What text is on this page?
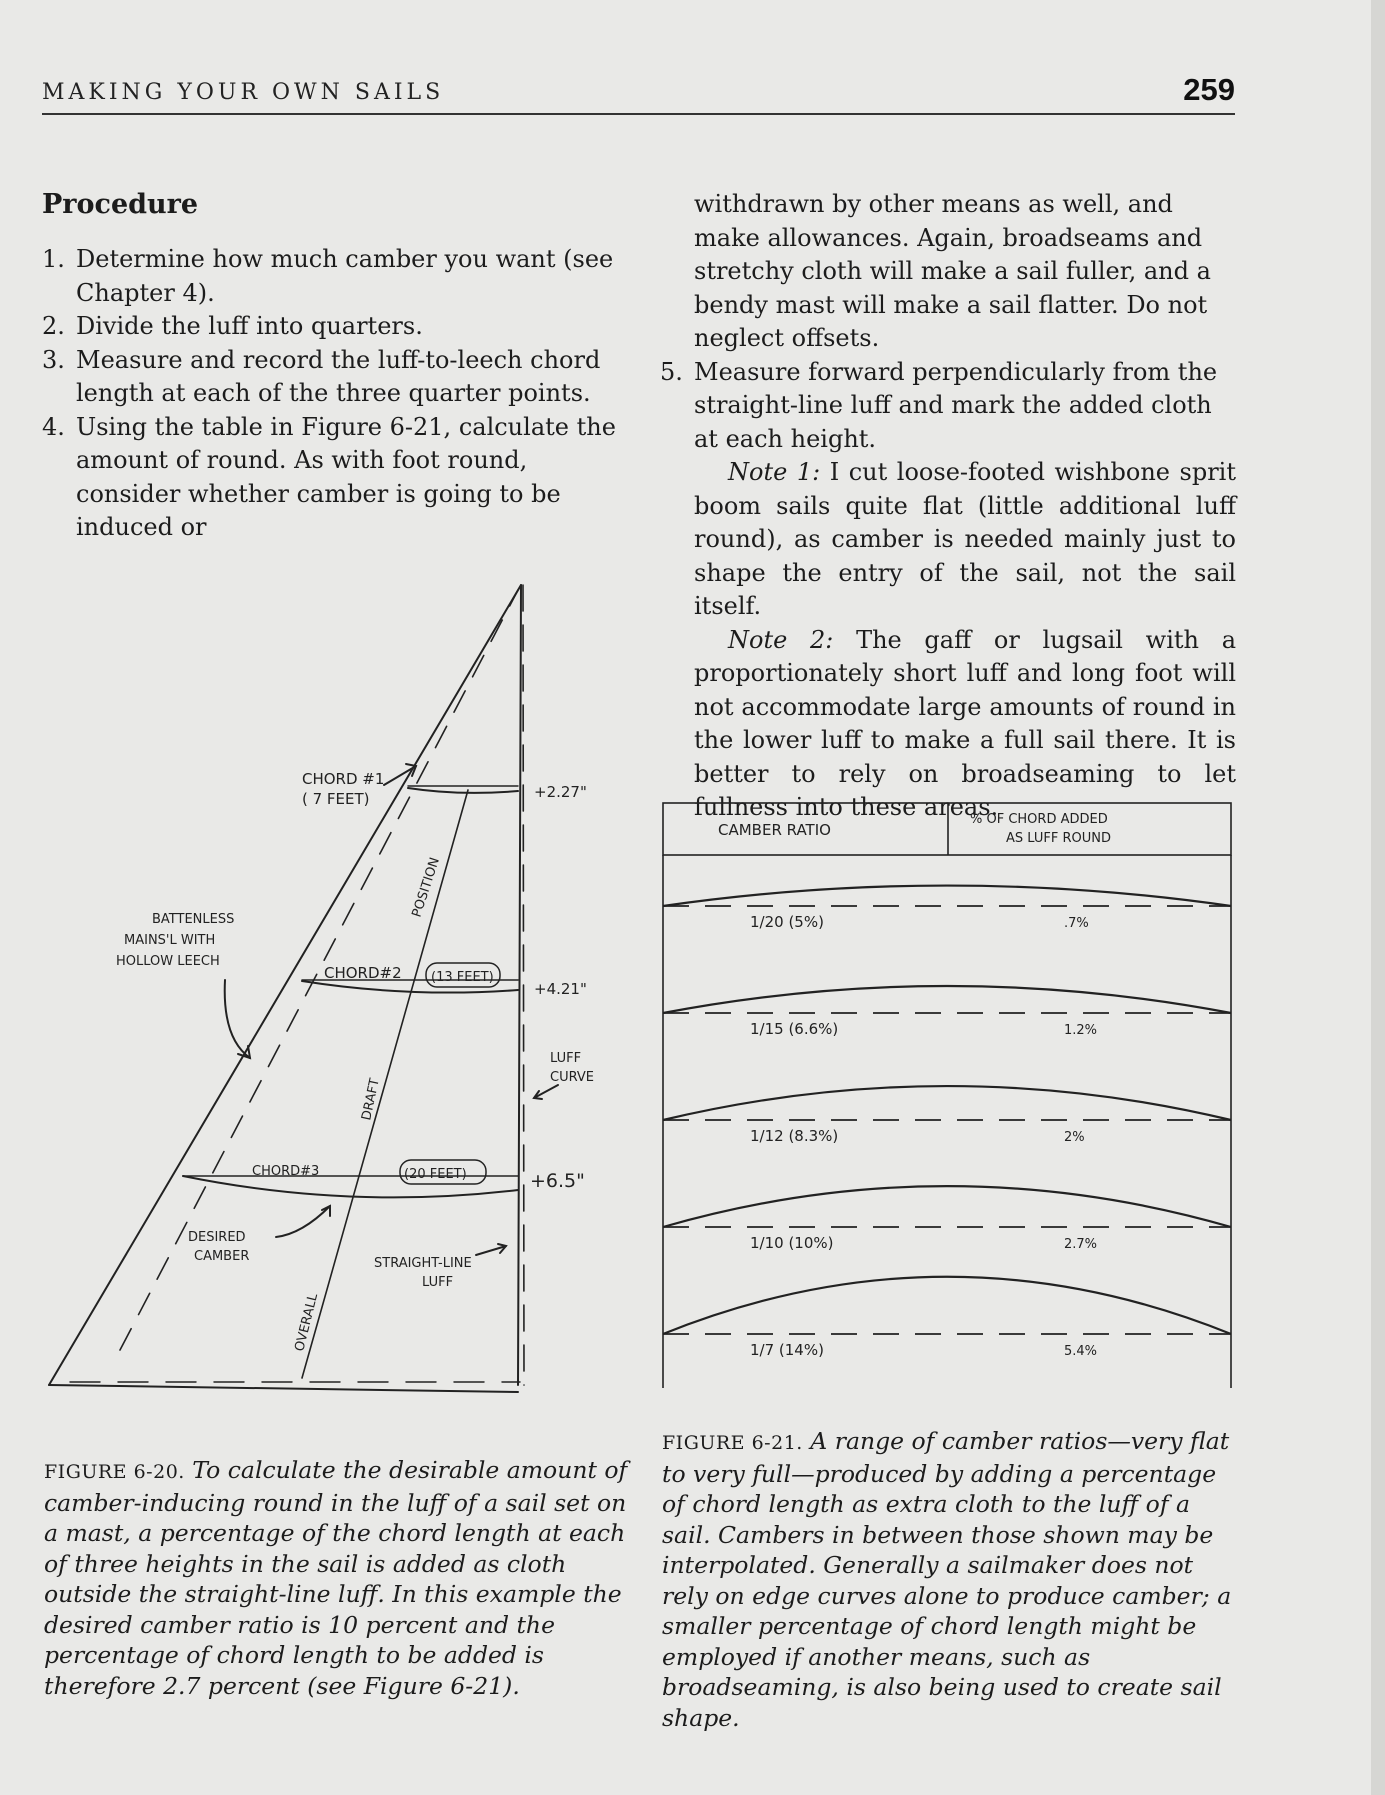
MAKING YOUR OWN SAILS	259
Procedure
1. Determine how much camber you want (see Chapter 4).
2. Divide the luff into quarters.
3. Measure and record the luff-to-leech chord length at each of the three quarter points.
4. Using the table in Figure 6-21, calculate the amount of round. As with foot round, consider whether camber is going to be induced or

withdrawn by other means as well, and make allowances. Again, broadseams and stretchy cloth will make a sail fuller, and a bendy mast will make a sail flatter. Do not neglect offsets.

5. Measure forward perpendicularly from the straight-line luff and mark the added cloth at each height.

Note 1: I cut loose-footed wishbone sprit boom sails quite flat (little additional luff round), as camber is needed mainly just to shape the entry of the sail, not the sail itself.

Note 2: The gaff or lugsail with a proportionately short luff and long foot will not accommodate large amounts of round in the lower luff to make a full sail there. It is better to rely on broadseaming to let fullness into these areas.

CHORD #1
( 7 FEET)	+2.27"
BATTENLESS
MAINS'L WITH
HOLLOW LEECH
CHORD#2 (13 FEET)
+4.21"
LUFF
CURVE
CHORD#3	(20 FEET)	+6.5"
DESIRED
CAMBER	STRAIGHT-LINE
LUFF
POSITION
DRAFT
OVERALL
CAMBER RATIO
% OF CHORD ADDED
AS LUFF ROUND
1/20 (5%)	.7%
1/15 (6.6%)	1.2%
1/12 (8.3%)	2%
1/10 (10%)	2.7%
1/7 (14%)	5.4%
FIGURE 6-20. To calculate the desirable amount of camber-inducing round in the luff of a sail set on a mast, a percentage of the chord length at each of three heights in the sail is added as cloth outside the straight-line luff. In this example the desired camber ratio is 10 percent and the percentage of chord length to be added is therefore 2.7 percent (see Figure 6-21).
FIGURE 6-21. A range of camber ratios—very flat to very full—produced by adding a percentage of chord length as extra cloth to the luff of a sail. Cambers in between those shown may be interpolated. Generally a sailmaker does not rely on edge curves alone to produce camber; a smaller percentage of chord length might be employed if another means, such as broadseaming, is also being used to create sail shape.
